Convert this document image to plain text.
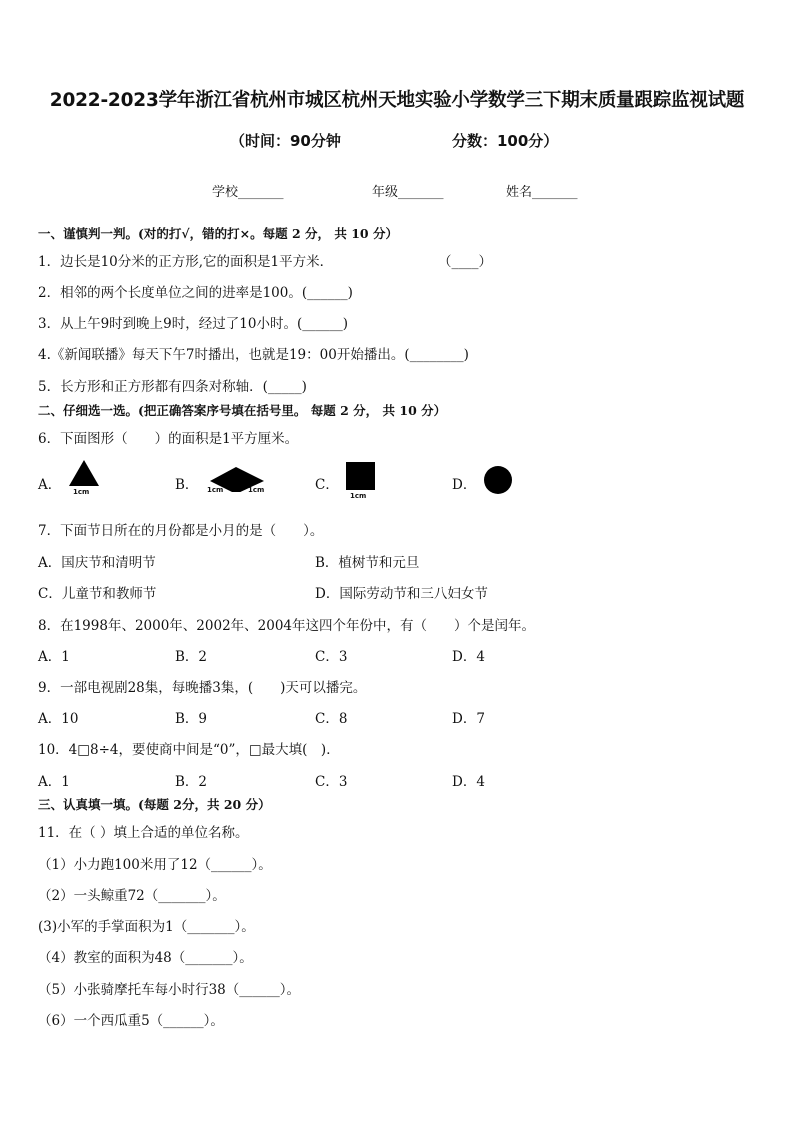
2022-2023学年浙江省杭州市城区杭州天地实验小学数学三下期末质量跟踪监视试题
（时间：90分钟	分数：100分）
学校_______	年级_______	姓名_______
一、谨慎判一判。(对的打√，错的打×。每题 2 分， 共 10 分）
1．边长是10分米的正方形,它的面积是1平方米．	（____）
2．相邻的两个长度单位之间的进率是100。(______)
3．从上午9时到晚上9时，经过了10小时。(______)
4.《新闻联播》每天下午7时播出，也就是19：00开始播出。(________)
5．长方形和正方形都有四条对称轴．(_____)
二、仔细选一选。(把正确答案序号填在括号里。 每题 2 分， 共 10 分）
6．下面图形（　　）的面积是1平方厘米。
A． 1cm	B． 1cm	1cm	C．
1cm
D．
7．下面节日所在的月份都是小月的是（　　）。
A．国庆节和清明节	B．植树节和元旦
C．儿童节和教师节	D．国际劳动节和三八妇女节
8．在1998年、2000年、2002年、2004年这四个年份中，有（　　）个是闰年。
A．1	B．2	C．3	D．4
9．一部电视剧28集，每晚播3集，(　　)天可以播完。
A．10	B．9	C．8	D．7
10．4□8÷4，要使商中间是“0”，□最大填(　)．
A．1	B．2	C．3	D．4
三、认真填一填。(每题 2分，共 20 分）
11．在（ ）填上合适的单位名称。
（1）小力跑100米用了12（______）。
（2）一头鲸重72（_______）。
(3)小军的手掌面积为1（_______）。
（4）教室的面积为48（_______）。
（5）小张骑摩托车每小时行38（______）。
（6）一个西瓜重5（______）。
